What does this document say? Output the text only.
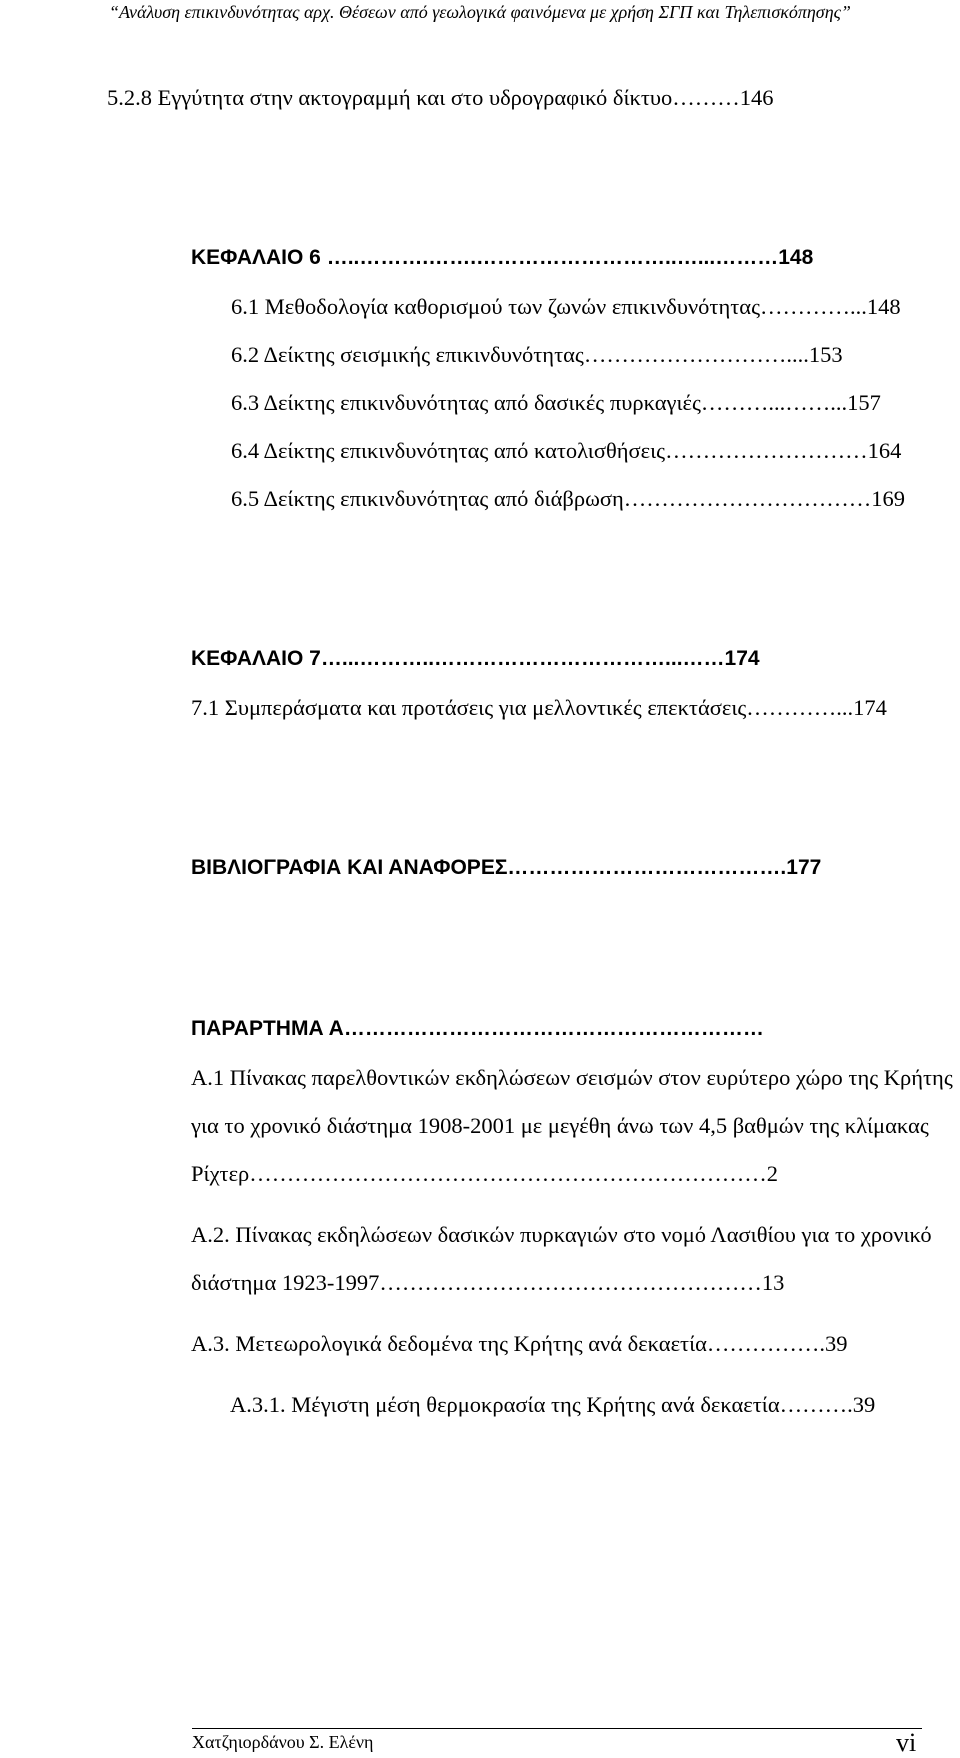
“Ανάλυση επικινδυνότητας αρχ. Θέσεων από γεωλογικά φαινόμενα με χρήση ΣΓΠ και Τηλεπισκόπησης”
5.2.8 Εγγύτητα στην ακτογραμμή και στο υδρογραφικό δίκτυο………146
ΚΕΦΑΛΑΙΟ 6 …..……….…….………………………..…...………148
6.1 Μεθοδολογία καθορισμού των ζωνών επικινδυνότητας…………...148
6.2 Δείκτης σεισμικής επικινδυνότητας………………………....153
6.3 Δείκτης επικινδυνότητας από δασικές πυρκαγιές………...……...157
6.4 Δείκτης επικινδυνότητας από κατολισθήσεις………………………164
6.5 Δείκτης επικινδυνότητας από διάβρωση……………………………169
ΚΕΦΑΛΑΙΟ 7…...………..……………………………...……174
7.1 Συμπεράσματα και προτάσεις για μελλοντικές επεκτάσεις…………...174
ΒΙΒΛΙΟΓΡΑΦΙΑ ΚΑΙ ΑΝΑΦΟΡΕΣ………………………………….177
ΠΑΡΑΡΤΗΜΑ Α……………………………………………………
Α.1 Πίνακας παρελθοντικών εκδηλώσεων σεισμών στον ευρύτερο χώρο της Κρήτης
για το χρονικό διάστημα 1908-2001 με μεγέθη άνω των 4,5 βαθμών της κλίμακας
Ρίχτερ……………………………………………………………2
Α.2. Πίνακας εκδηλώσεων δασικών πυρκαγιών στο νομό Λασιθίου για το χρονικό
διάστημα 1923-1997……………………………………………13
Α.3. Μετεωρολογικά δεδομένα της Κρήτης ανά δεκαετία…………….39
Α.3.1. Μέγιστη μέση θερμοκρασία της Κρήτης ανά δεκαετία……….39
Χατζηιορδάνου Σ. Ελένη	vi
